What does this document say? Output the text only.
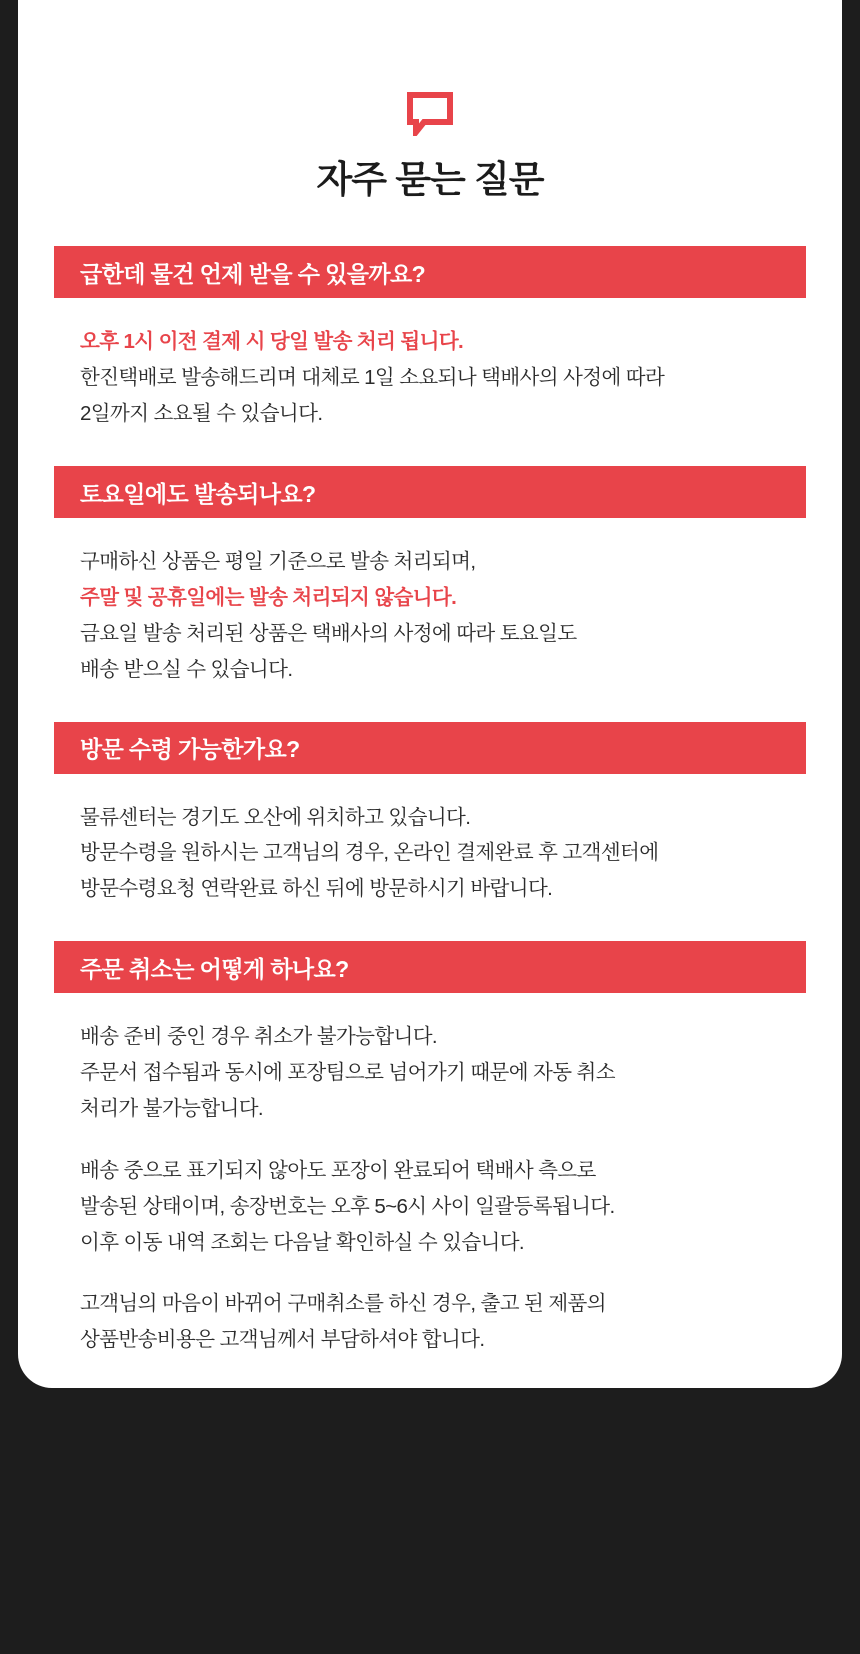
자주 묻는 질문
급한데 물건 언제 받을 수 있을까요?
오후 1시 이전 결제 시 당일 발송 처리 됩니다.
한진택배로 발송해드리며 대체로 1일 소요되나 택배사의 사정에 따라
2일까지 소요될 수 있습니다.
토요일에도 발송되나요?
구매하신 상품은 평일 기준으로 발송 처리되며,
주말 및 공휴일에는 발송 처리되지 않습니다.
금요일 발송 처리된 상품은 택배사의 사정에 따라 토요일도
배송 받으실 수 있습니다.
방문 수령 가능한가요?
물류센터는 경기도 오산에 위치하고 있습니다.
방문수령을 원하시는 고객님의 경우, 온라인 결제완료 후 고객센터에
방문수령요청 연락완료 하신 뒤에 방문하시기 바랍니다.
주문 취소는 어떻게 하나요?
배송 준비 중인 경우 취소가 불가능합니다.
주문서 접수됨과 동시에 포장팀으로 넘어가기 때문에 자동 취소
처리가 불가능합니다.
배송 중으로 표기되지 않아도 포장이 완료되어 택배사 측으로
발송된 상태이며, 송장번호는 오후 5~6시 사이 일괄등록됩니다.
이후 이동 내역 조회는 다음날 확인하실 수 있습니다.
고객님의 마음이 바뀌어 구매취소를 하신 경우, 출고 된 제품의
상품반송비용은 고객님께서 부담하셔야 합니다.
